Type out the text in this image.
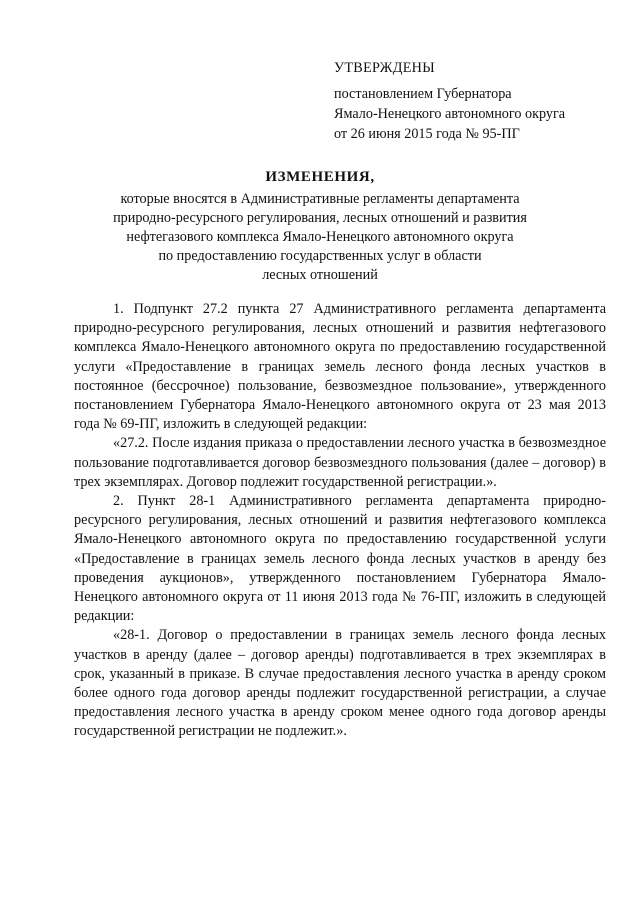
УТВЕРЖДЕНЫ
постановлением Губернатора
Ямало-Ненецкого автономного округа
от 26 июня 2015 года № 95-ПГ
ИЗМЕНЕНИЯ,
которые вносятся в Административные регламенты департамента
природно-ресурсного регулирования, лесных отношений и развития
нефтегазового комплекса Ямало-Ненецкого автономного округа
по предоставлению государственных услуг в области
лесных отношений

1. Подпункт 27.2 пункта 27 Административного регламента департамента природно-ресурсного регулирования, лесных отношений и развития нефтегазового комплекса Ямало-Ненецкого автономного округа по предоставлению государственной услуги «Предоставление в границах земель лесного фонда лесных участков в постоянное (бессрочное) пользование, безвозмездное пользование», утвержденного постановлением Губернатора Ямало-Ненецкого автономного округа от 23 мая 2013 года № 69-ПГ, изложить в следующей редакции:

«27.2. После издания приказа о предоставлении лесного участка в безвозмездное пользование подготавливается договор безвозмездного пользования (далее – договор) в трех экземплярах. Договор подлежит государственной регистрации.».

2. Пункт 28-1 Административного регламента департамента природно-ресурсного регулирования, лесных отношений и развития нефтегазового комплекса Ямало-Ненецкого автономного округа по предоставлению государственной услуги «Предоставление в границах земель лесного фонда лесных участков в аренду без проведения аукционов», утвержденного постановлением Губернатора Ямало-Ненецкого автономного округа от 11 июня 2013 года № 76-ПГ, изложить в следующей редакции:

«28-1. Договор о предоставлении в границах земель лесного фонда лесных участков в аренду (далее – договор аренды) подготавливается в трех экземплярах в срок, указанный в приказе. В случае предоставления лесного участка в аренду сроком более одного года договор аренды подлежит государственной регистрации, а случае предоставления лесного участка в аренду сроком менее одного года договор аренды государственной регистрации не подлежит.».
